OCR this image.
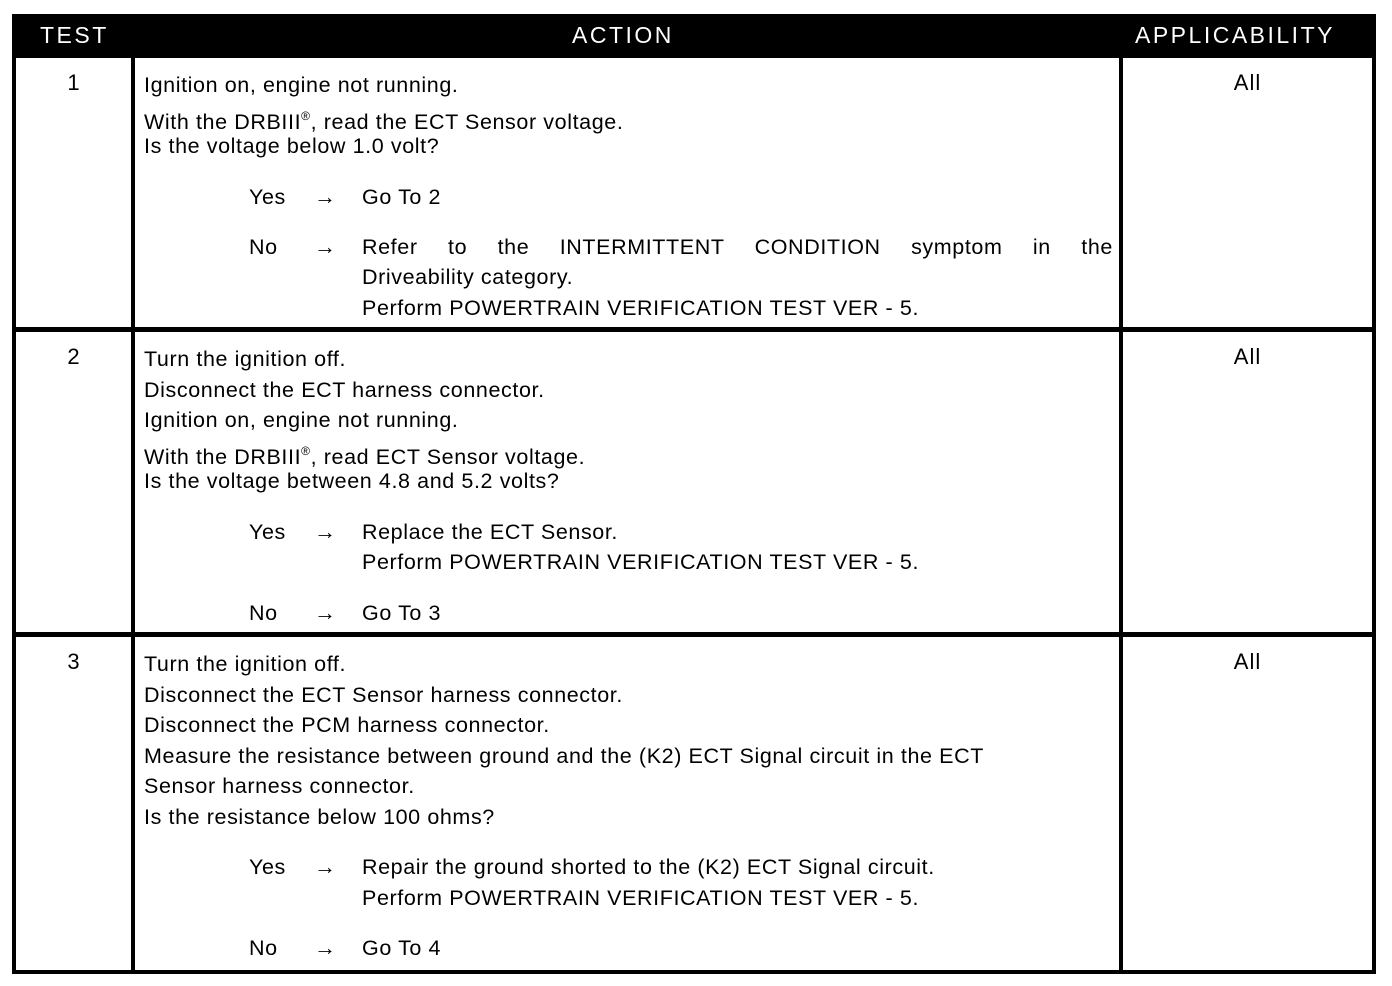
TEST	ACTION	APPLICABILITY
1	Ignition on, engine not running.
With the DRBIII®, read the ECT Sensor voltage.
Is the voltage below 1.0 volt?
Yes → Go To 2
No → Refer to the INTERMITTENT CONDITION symptom in the
Driveability category.
Perform POWERTRAIN VERIFICATION TEST VER - 5.
All
2	Turn the ignition off.
Disconnect the ECT harness connector.
Ignition on, engine not running.
With the DRBIII®, read ECT Sensor voltage.
Is the voltage between 4.8 and 5.2 volts?
Yes → Replace the ECT Sensor.
Perform POWERTRAIN VERIFICATION TEST VER - 5.
No → Go To 3
All
3	Turn the ignition off.
Disconnect the ECT Sensor harness connector.
Disconnect the PCM harness connector.
Measure the resistance between ground and the (K2) ECT Signal circuit in the ECT
Sensor harness connector.
Is the resistance below 100 ohms?
Yes → Repair the ground shorted to the (K2) ECT Signal circuit.
Perform POWERTRAIN VERIFICATION TEST VER - 5.
No → Go To 4
All
